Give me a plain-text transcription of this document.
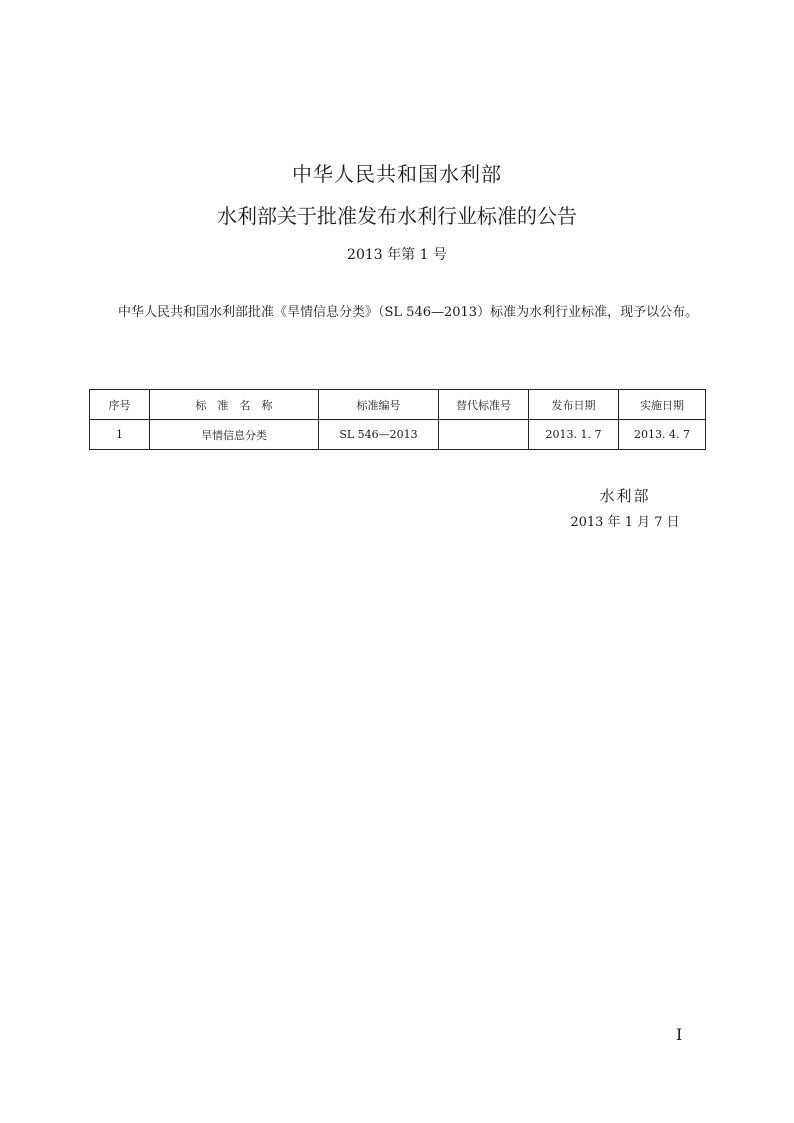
中华人民共和国水利部
水利部关于批准发布水利行业标准的公告
2013 年第 1 号
中华人民共和国水利部批准《旱情信息分类》（SL 546—2013）标准为水利行业标准，现予以公布。
序号	标　准　名　称	标准编号	替代标准号	发布日期	实施日期
1	旱情信息分类	SL 546—2013		2013. 1. 7	2013. 4. 7
水利部
2013 年 1 月 7 日
I
